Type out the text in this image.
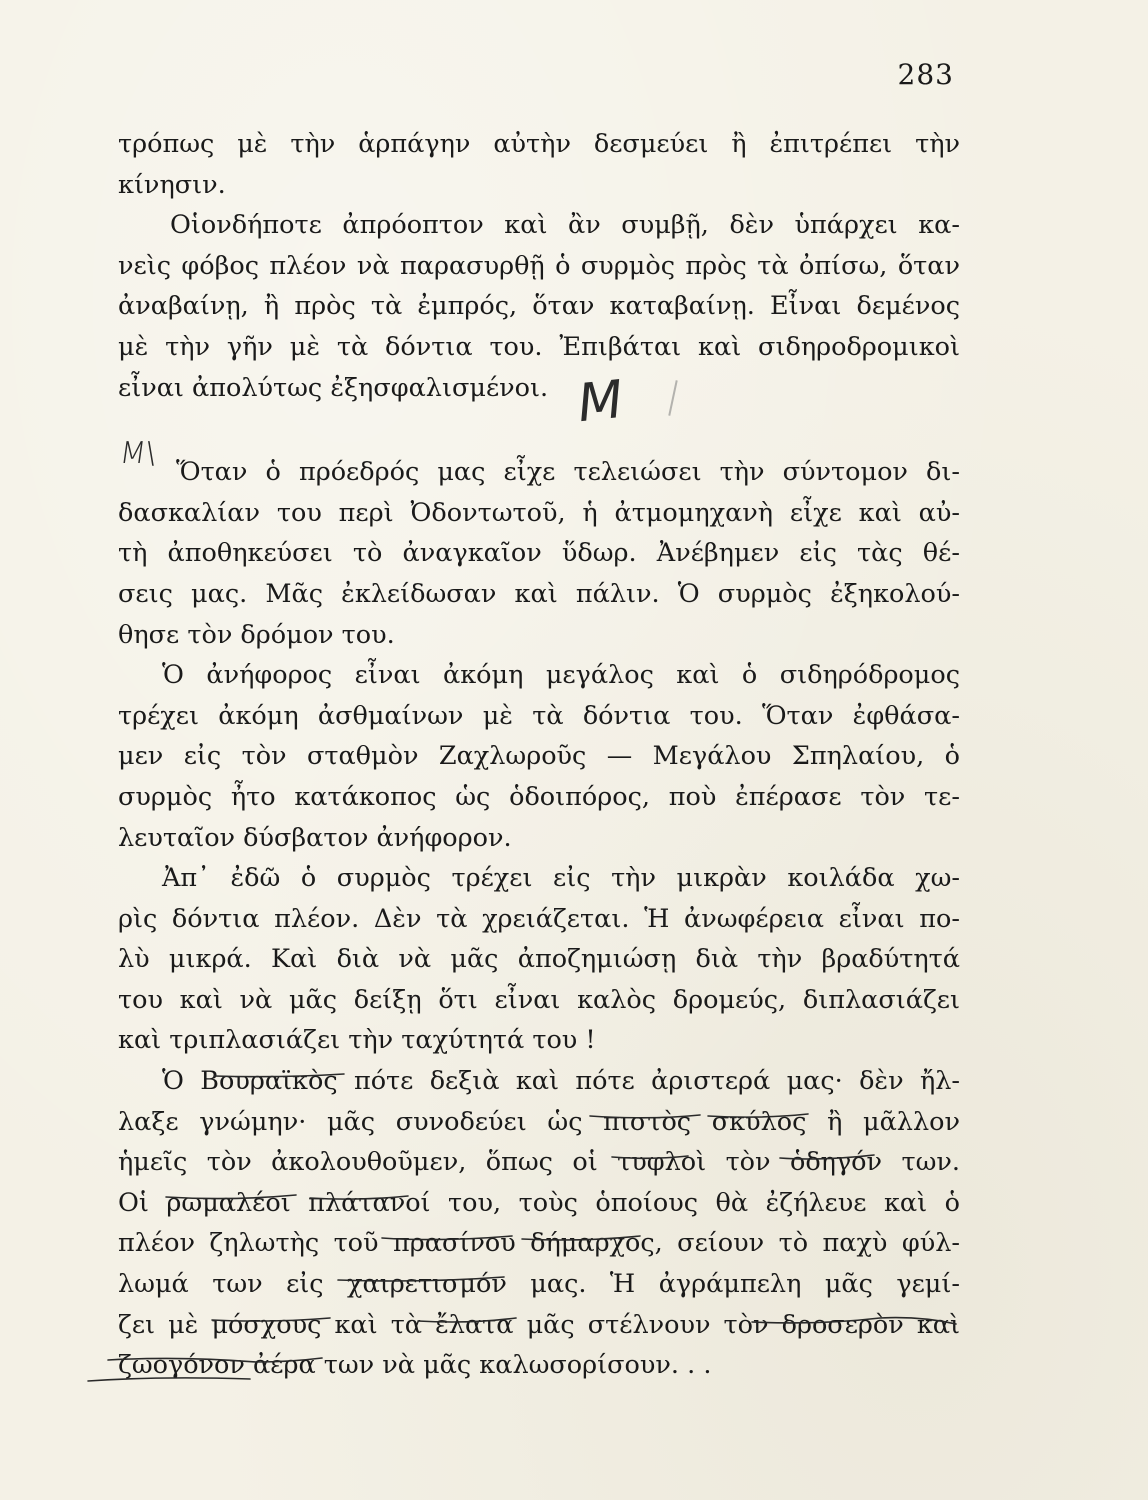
283
τρόπως μὲ τὴν ἁρπάγην αὐτὴν δεσμεύει ἢ ἐπιτρέπει τὴν
κίνησιν.
Οἱονδήποτε ἀπρόοπτον καὶ ἂν συμβῇ, δὲν ὑπάρχει κα-
νεὶς φόβος πλέον νὰ παρασυρθῇ ὁ συρμὸς πρὸς τὰ ὀπίσω, ὅταν
ἀναβαίνῃ, ἢ πρὸς τὰ ἐμπρός, ὅταν καταβαίνῃ. Εἶναι δεμένος
μὲ τὴν γῆν μὲ τὰ δόντια του. Ἐπιβάται καὶ σιδηροδρομικοὶ
εἶναι ἀπολύτως ἐξησφαλισμένοι.
Ὅταν ὁ πρόεδρός μας εἶχε τελειώσει τὴν σύντομον δι-
δασκαλίαν του περὶ Ὀδοντωτοῦ, ἡ ἀτμομηχανὴ εἶχε καὶ αὐ-
τὴ ἀποθηκεύσει τὸ ἀναγκαῖον ὕδωρ. Ἀνέβημεν εἰς τὰς θέ-
σεις μας. Μᾶς ἐκλείδωσαν καὶ πάλιν. Ὁ συρμὸς ἐξηκολού-
θησε τὸν δρόμον του.
Ὁ ἀνήφορος εἶναι ἀκόμη μεγάλος καὶ ὁ σιδηρόδρομος
τρέχει ἀκόμη ἀσθμαίνων μὲ τὰ δόντια του. Ὅταν ἐφθάσα-
μεν εἰς τὸν σταθμὸν Ζαχλωροῦς — Μεγάλου Σπηλαίου, ὁ
συρμὸς ἦτο κατάκοπος ὡς ὁδοιπόρος, ποὺ ἐπέρασε τὸν τε-
λευταῖον δύσβατον ἀνήφορον.
Ἀπ᾿ ἐδῶ ὁ συρμὸς τρέχει εἰς τὴν μικρὰν κοιλάδα χω-
ρὶς δόντια πλέον. Δὲν τὰ χρειάζεται. Ἡ ἀνωφέρεια εἶναι πο-
λὺ μικρά. Καὶ διὰ νὰ μᾶς ἀποζημιώσῃ διὰ τὴν βραδύτητά
του καὶ νὰ μᾶς δείξῃ ὅτι εἶναι καλὸς δρομεύς, διπλασιάζει
καὶ τριπλασιάζει τὴν ταχύτητά του !
Ὁ Βουραϊκὸς πότε δεξιὰ καὶ πότε ἀριστερά μας· δὲν ἤλ-
λαξε γνώμην· μᾶς συνοδεύει ὡς πιστὸς σκύλος ἢ μᾶλλον
ἡμεῖς τὸν ἀκολουθοῦμεν, ὅπως οἱ τυφλοὶ τὸν ὁδηγόν των.
Οἱ ρωμαλέοι πλάτανοί του, τοὺς ὁποίους θὰ ἐζήλευε καὶ ὁ
πλέον ζηλωτὴς τοῦ πρασίνου δήμαρχος, σείουν τὸ παχὺ φύλ-
λωμά των εἰς χαιρετισμόν μας. Ἡ ἀγράμπελη μᾶς γεμί-
ζει μὲ μόσχους καὶ τὰ ἔλατα μᾶς στέλνουν τὸν δροσερὸν καὶ
ζωογόνον ἀέρα των νὰ μᾶς καλωσορίσουν. . .
Μ
Μ\
